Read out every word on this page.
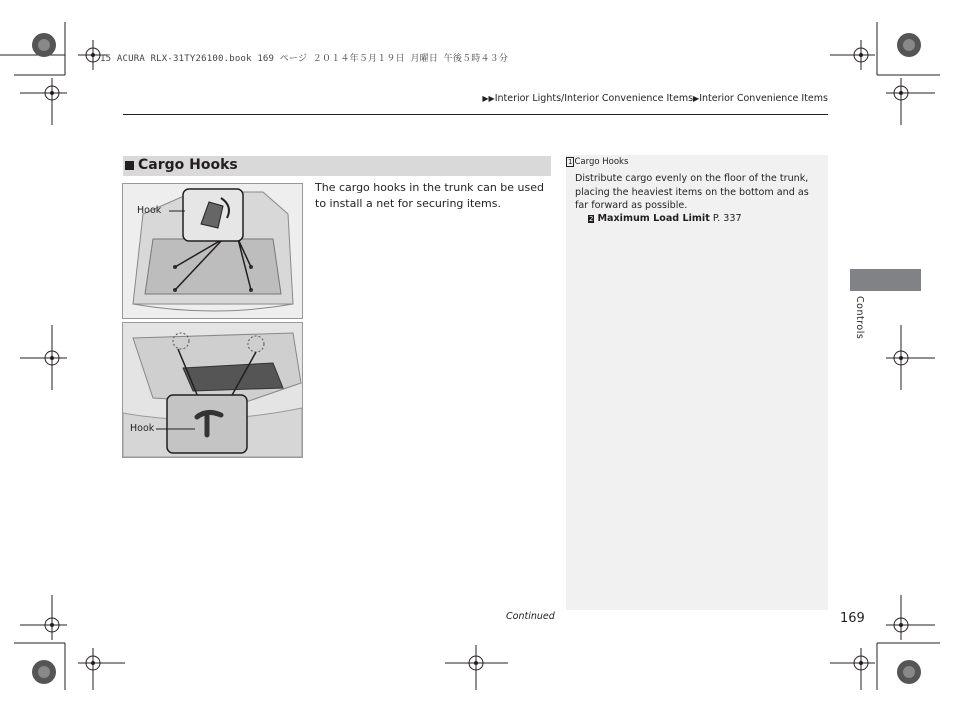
15 ACURA RLX-31TY26100.book 169 ページ ２０１４年５月１９日 月曜日 午後５時４３分
▶▶Interior Lights/Interior Convenience Items▶Interior Convenience Items
Cargo Hooks
Hook
Hook
The cargo hooks in the trunk can be used to install a net for securing items.
1 Cargo Hooks
Distribute cargo evenly on the floor of the trunk, placing the heaviest items on the bottom and as far forward as possible.
2 Maximum Load Limit P. 337
Controls
Continued	169
